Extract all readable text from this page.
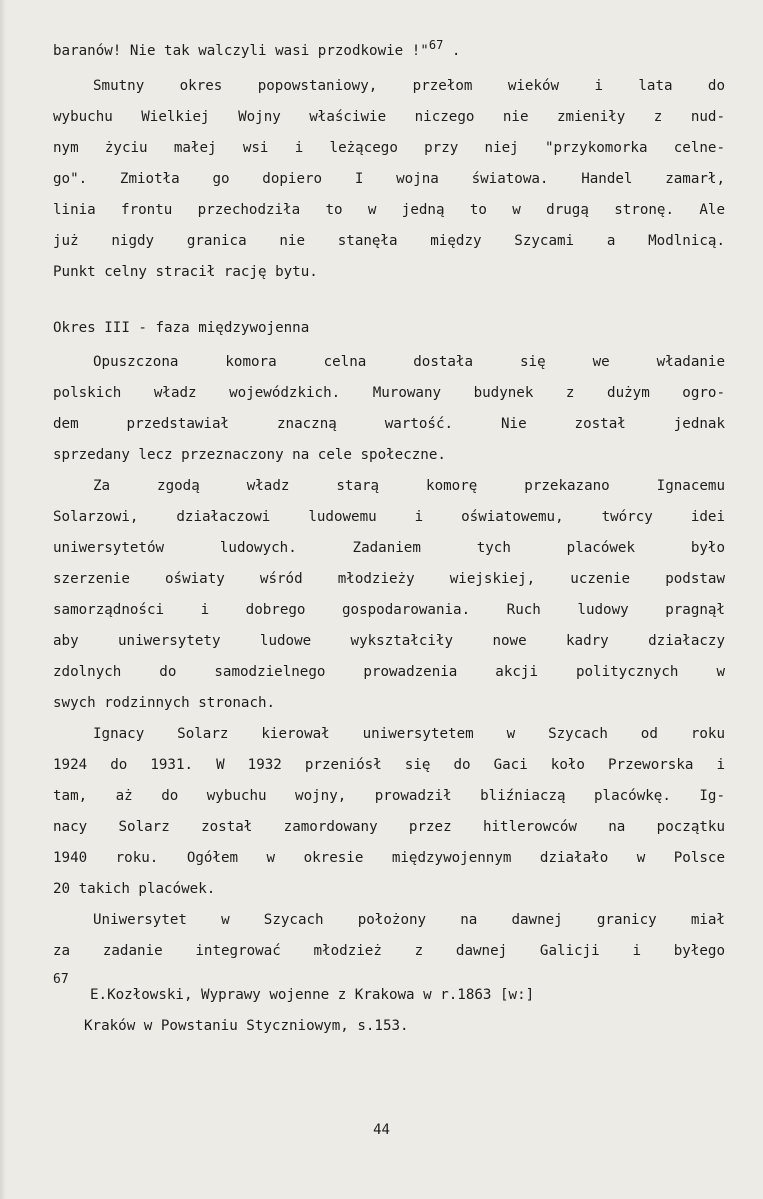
baranów! Nie tak walczyli wasi przodkowie !"$^{67}$ .
Smutny okres popowstaniowy, przełom wieków i lata do
wybuchu Wielkiej Wojny właściwie niczego nie zmieniły z nud-
nym życiu małej wsi i leżącego przy niej "przykomorka celne-
go". Zmiotła go dopiero I wojna światowa. Handel zamarł,
linia frontu przechodziła to w jedną to w drugą stronę. Ale
już nigdy granica nie stanęła między Szycami a Modlnicą.
Punkt celny stracił rację bytu.
Okres III - faza międzywojenna
Opuszczona komora celna dostała się we władanie
polskich władz wojewódzkich. Murowany budynek z dużym ogro-
dem przedstawiał znaczną wartość. Nie został jednak
sprzedany lecz przeznaczony na cele społeczne.
Za zgodą władz starą komorę przekazano Ignacemu
Solarzowi, działaczowi ludowemu i oświatowemu, twórcy idei
uniwersytetów ludowych. Zadaniem tych placówek było
szerzenie oświaty wśród młodzieży wiejskiej, uczenie podstaw
samorządności i dobrego gospodarowania. Ruch ludowy pragnął
aby uniwersytety ludowe wykształciły nowe kadry działaczy
zdolnych do samodzielnego prowadzenia akcji politycznych w
swych rodzinnych stronach.
Ignacy Solarz kierował uniwersytetem w Szycach od roku
1924 do 1931. W 1932 przeniósł się do Gaci koło Przeworska i
tam, aż do wybuchu wojny, prowadził bliźniaczą placówkę. Ig-
nacy Solarz został zamordowany przez hitlerowców na początku
1940 roku. Ogółem w okresie międzywojennym działało w Polsce
20 takich placówek.
Uniwersytet w Szycach położony na dawnej granicy miał
za zadanie integrować młodzież z dawnej Galicji i byłego
67
E.Kozłowski, Wyprawy wojenne z Krakowa w r.1863 [w:]
Kraków w Powstaniu Styczniowym, s.153.
44
